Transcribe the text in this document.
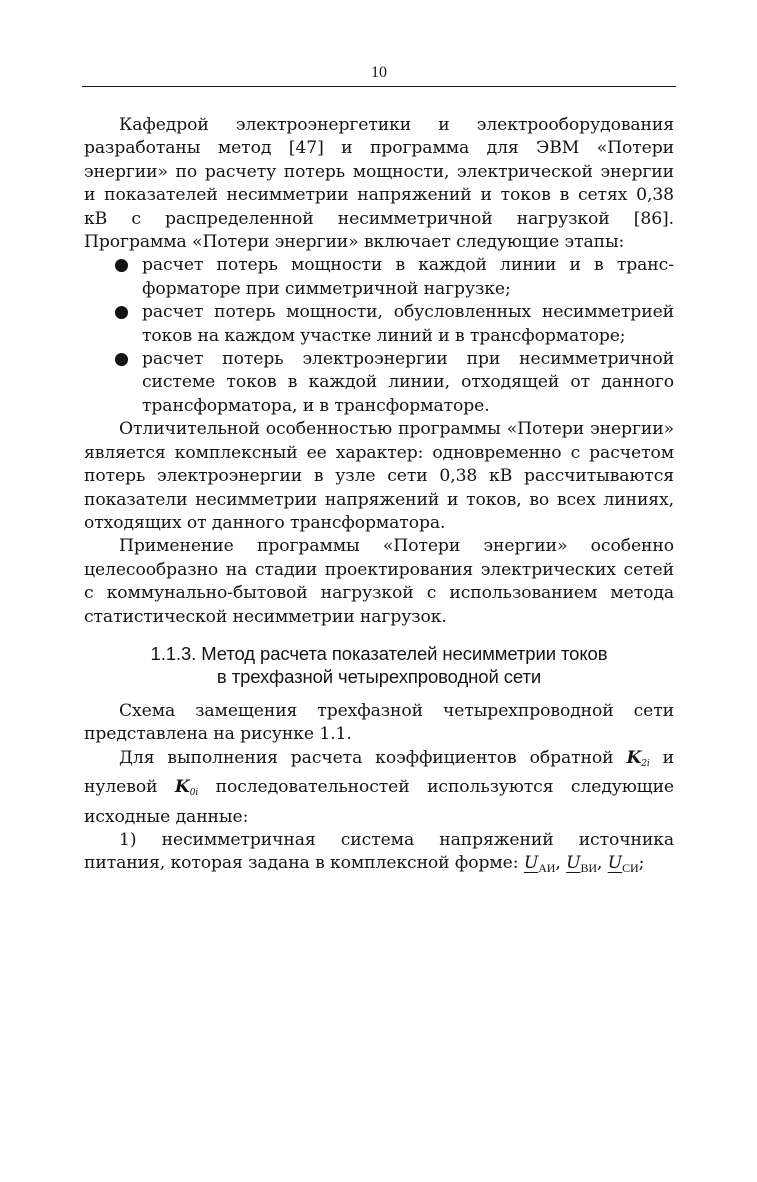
10

Кафедрой электроэнергетики и электрооборудования разработаны метод [47] и программа для ЭВМ «Потери энергии» по расчету потерь мощности, электрической энергии и показателей несимметрии напряжений и токов в сетях 0,38 кВ с распределенной несимметричной нагрузкой [86]. Программа «Потери энергии» включает следующие этапы:

● расчет потерь мощности в каждой линии и в трансформаторе при симметричной нагрузке;
● расчет потерь мощности, обусловленных несимметрией токов на каждом участке линий и в трансформаторе;
● расчет потерь электроэнергии при несимметричной системе токов в каждой линии, отходящей от данного трансформатора, и в трансформаторе.

Отличительной особенностью программы «Потери энергии» является комплексный ее характер: одновременно с расчетом потерь электроэнергии в узле сети 0,38 кВ рассчитываются показатели несимметрии напряжений и токов, во всех линиях, отходящих от данного трансформатора.

Применение программы «Потери энергии» особенно целесообразно на стадии проектирования электрических сетей с коммунально-бытовой нагрузкой с использованием метода статистической несимметрии нагрузок.

1.1.3. Метод расчета показателей несимметрии токов
в трехфазной четырехпроводной сети

Схема замещения трехфазной четырехпроводной сети представлена на рисунке 1.1.

Для выполнения расчета коэффициентов обратной $K_{2i}$ и нулевой $K_{0i}$ последовательностей используются следующие исходные данные:

1) несимметричная система напряжений источника питания, которая задана в комплексной форме: $U_{АИ}$, $U_{ВИ}$, $U_{СИ}$;
